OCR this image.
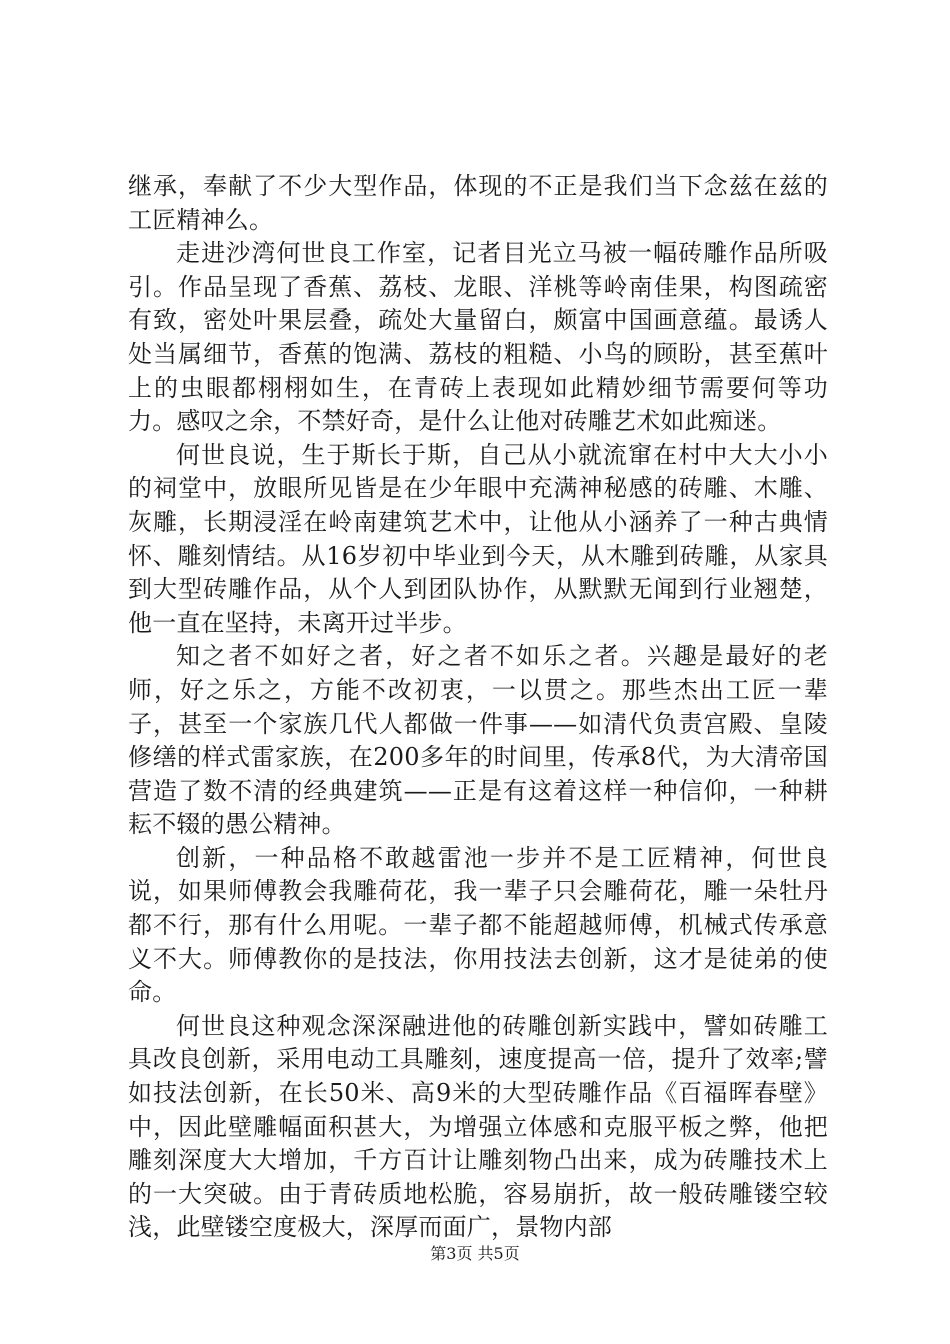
继承，奉献了不少大型作品，体现的不正是我们当下念兹在兹的工匠精神么。

走进沙湾何世良工作室，记者目光立马被一幅砖雕作品所吸引。作品呈现了香蕉、荔枝、龙眼、洋桃等岭南佳果，构图疏密有致，密处叶果层叠，疏处大量留白，颇富中国画意蕴。最诱人处当属细节，香蕉的饱满、荔枝的粗糙、小鸟的顾盼，甚至蕉叶上的虫眼都栩栩如生，在青砖上表现如此精妙细节需要何等功力。感叹之余，不禁好奇，是什么让他对砖雕艺术如此痴迷。

何世良说，生于斯长于斯，自己从小就流窜在村中大大小小的祠堂中，放眼所见皆是在少年眼中充满神秘感的砖雕、木雕、灰雕，长期浸淫在岭南建筑艺术中，让他从小涵养了一种古典情怀、雕刻情结。从16岁初中毕业到今天，从木雕到砖雕，从家具到大型砖雕作品，从个人到团队协作，从默默无闻到行业翘楚，他一直在坚持，未离开过半步。

知之者不如好之者，好之者不如乐之者。兴趣是最好的老师，好之乐之，方能不改初衷，一以贯之。那些杰出工匠一辈子，甚至一个家族几代人都做一件事——如清代负责宫殿、皇陵修缮的样式雷家族，在200多年的时间里，传承8代，为大清帝国营造了数不清的经典建筑——正是有这着这样一种信仰，一种耕耘不辍的愚公精神。

创新，一种品格不敢越雷池一步并不是工匠精神，何世良说，如果师傅教会我雕荷花，我一辈子只会雕荷花，雕一朵牡丹都不行，那有什么用呢。一辈子都不能超越师傅，机械式传承意义不大。师傅教你的是技法，你用技法去创新，这才是徒弟的使命。

何世良这种观念深深融进他的砖雕创新实践中，譬如砖雕工具改良创新，采用电动工具雕刻，速度提高一倍，提升了效率;譬如技法创新，在长50米、高9米的大型砖雕作品《百福晖春壁》中，因此壁雕幅面积甚大，为增强立体感和克服平板之弊，他把雕刻深度大大增加，千方百计让雕刻物凸出来，成为砖雕技术上的一大突破。由于青砖质地松脆，容易崩折，故一般砖雕镂空较浅，此壁镂空度极大，深厚而面广，景物内部

第3页 共5页
